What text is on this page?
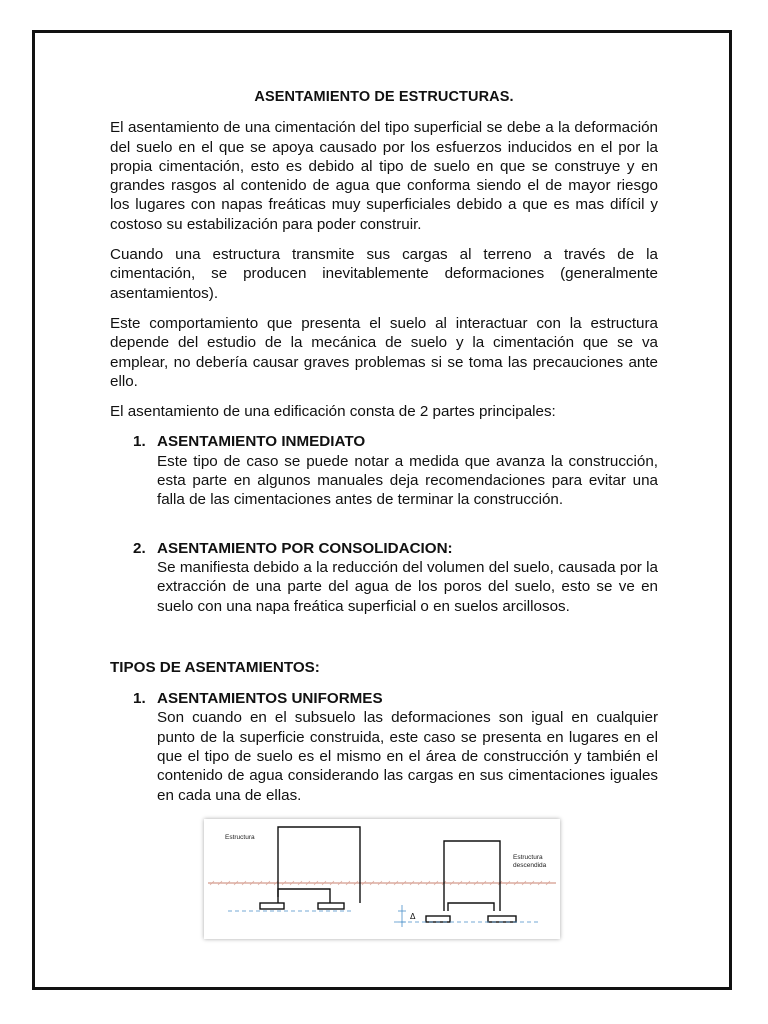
ASENTAMIENTO DE ESTRUCTURAS.

El asentamiento de una cimentación del tipo superficial se debe a la deformación del suelo en el que se apoya causado por los esfuerzos inducidos en el por la propia cimentación, esto es debido al tipo de suelo en que se construye y en grandes rasgos al contenido de agua que conforma siendo el de mayor riesgo los lugares con napas freáticas muy superficiales debido a que es mas difícil y costoso su estabilización para poder construir.

Cuando una estructura transmite sus cargas al terreno a través de la cimentación, se producen inevitablemente deformaciones (generalmente asentamientos).

Este comportamiento que presenta el suelo al interactuar con la estructura depende del estudio de la mecánica de suelo y la cimentación que se va emplear, no debería causar graves problemas si se toma las precauciones ante ello.

El asentamiento de una edificación consta de 2 partes principales:

1. ASENTAMIENTO INMEDIATO
Este tipo de caso se puede notar a medida que avanza la construcción, esta parte en algunos manuales deja recomendaciones para evitar una falla de las cimentaciones antes de terminar la construcción.
2. ASENTAMIENTO POR CONSOLIDACION:
Se manifiesta debido a la reducción del volumen del suelo, causada por la extracción de una parte del agua de los poros del suelo, esto se ve en suelo con una napa freática superficial o en suelos arcillosos.
TIPOS DE ASENTAMIENTOS:
1. ASENTAMIENTOS UNIFORMES
Son cuando en el subsuelo las deformaciones son igual en cualquier punto de la superficie construida, este caso se presenta en lugares en el que el tipo de suelo es el mismo en el área de construcción y también el contenido de agua considerando las cargas en sus cimentaciones iguales en cada una de ellas.
Δ
Estructura
Estructura
descendida
